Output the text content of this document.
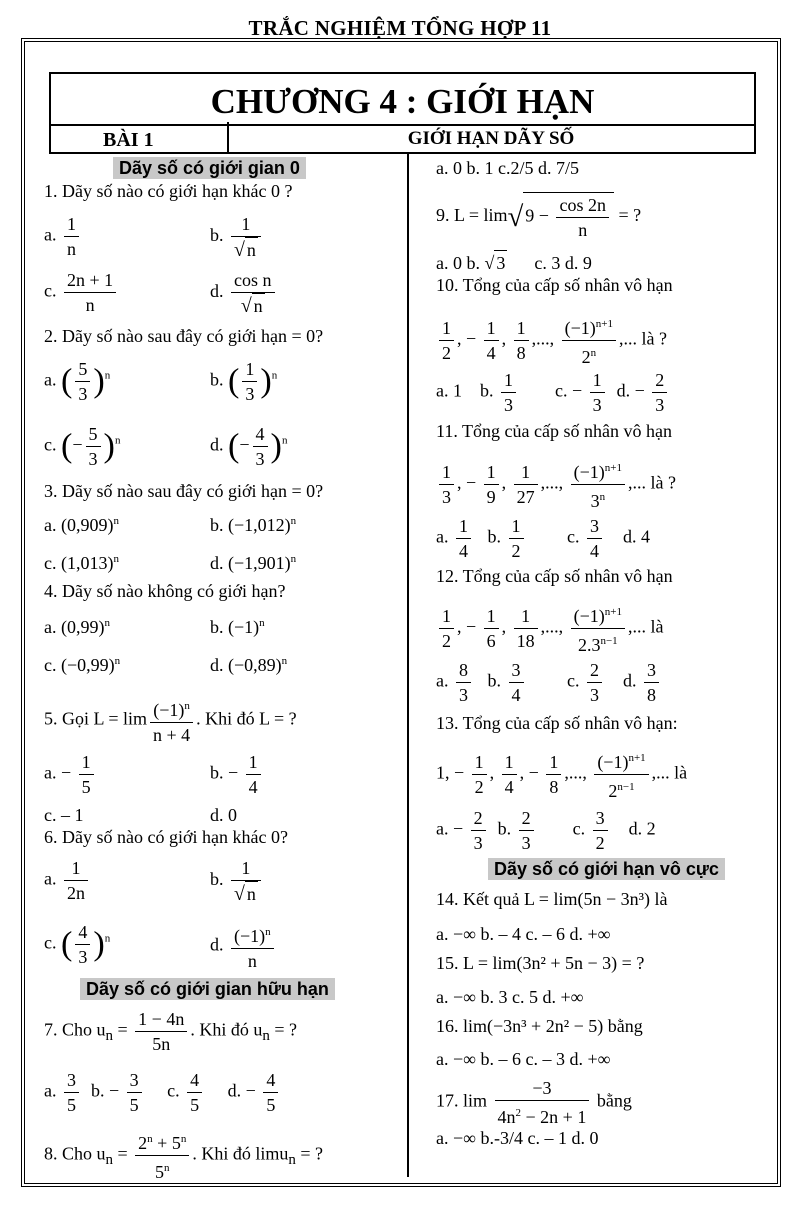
TRẮC NGHIỆM TỔNG HỢP 11
CHƯƠNG 4 : GIỚI HẠN
BÀI 1	GIỚI HẠN DÃY SỐ
Dãy số có giới gian 0
1. Dãy số nào có giới hạn khác 0 ?
a. $\frac{1}{n}$	b. $\frac{1}{√ n}$
c. $\frac{2n + 1}{n}$	d. $\frac{\text{cos n}}{√ n}$
2. Dãy số nào sau đây có giới hạn = 0?
a. ( $\frac{5}{3} )^n$	b. ( $\frac{1}{3} )^n$
c. (− $\frac{5}{3} )^n$	d. (− $\frac{4}{3} )^n$
3. Dãy số nào sau đây có giới hạn = 0?
a. $(0,909)^n$	b. $(-1,012)^n$
c. $(1,013)^n$	d. $(-1,901)^n$
4. Dãy số nào không có giới hạn?
a. $(0,99)^n$	b. $(-1)^n$
c. $(-0,99)^n$	d. $(-0,89)^n$
5. Gọi $L = \lim \frac{(-1)^n}{n + 4}$ . Khi đó L = ?
a. − $\frac{1}{5}$	b. − $\frac{1}{4}$
c. – 1	d. 0
6. Dãy số nào có giới hạn khác 0?
a. $\frac{1}{2n}$	b. $\frac{1}{√ n}$
c. ( $\frac{4}{3} )^n$	d. $\frac{(-1)^n}{n}$
Dãy số có giới gian hữu hạn
7. Cho $u_n = \frac{1 - 4n}{5n}$ . Khi đó $u_n$ = ?
a. $\frac{3}{5} b$. − $\frac{3}{5} c$. $\frac{4}{5} d$. − $\frac{4}{5}$
8. Cho $u_n = \frac{2^n + 5^n}{5^n}$ . Khi đó limu$_n$ = ?
a. 0 b. 1 c.2/5 d. 7/5
9. L = lim√ $9 - \frac{\cos 2n}{n}$ = ?
a. 0 b. √ 3 c. 3 d. 9
10. Tổng của cấp số nhân vô hạn
$\frac{1}{2}$ , − $\frac{1}{4}$ , $\frac{1}{8}$ ,..., $\frac{(-1)^{n+1}}{2^n}$ ,... là ?
a. 1    b. $\frac{1}{3} c$. − $\frac{1}{3} d$. − $\frac{2}{3}$
11. Tổng của cấp số nhân vô hạn
$\frac{1}{3}$ , − $\frac{1}{9}$ , $\frac{1}{27}$ ,..., $\frac{(-1)^{n+1}}{3^n}$ ,... là ?
a. $\frac{1}{4} b$. $\frac{1}{2} c$. $\frac{3}{4} d$. 4
12. Tổng của cấp số nhân vô hạn
$\frac{1}{2}$ , − $\frac{1}{6}$ , $\frac{1}{18}$ ,..., $\frac{(-1)^{n+1}}{2.3^{n-1}}$ ,... là
a. $\frac{8}{3} b$. $\frac{3}{4} c$. $\frac{2}{3} d$. $\frac{3}{8}$
13. Tổng của cấp số nhân vô hạn:
1, − $\frac{1}{2}$ , $\frac{1}{4}$ , − $\frac{1}{8}$ ,..., $\frac{(-1)^{n+1}}{2^{n-1}}$ ,... là
a. − $\frac{2}{3} b$. $\frac{2}{3} c$. $\frac{3}{2} d$. 2
Dãy số có giới hạn vô cực
14. Kết quả L = lim(5n − 3n³) là
a. −∞ b. – 4 c. – 6 d. +∞
15. L = lim(3n² + 5n − 3) = ?
a. −∞ b. 3 c. 5 d. +∞
16. lim(−3n³ + 2n² − 5) bằng
a. −∞ b. – 6 c. – 3 d. +∞
17. $\lim \frac{-3}{4n^2 - 2n + 1}$ bằng
a. −∞ b.-3/4 c. – 1 d. 0
